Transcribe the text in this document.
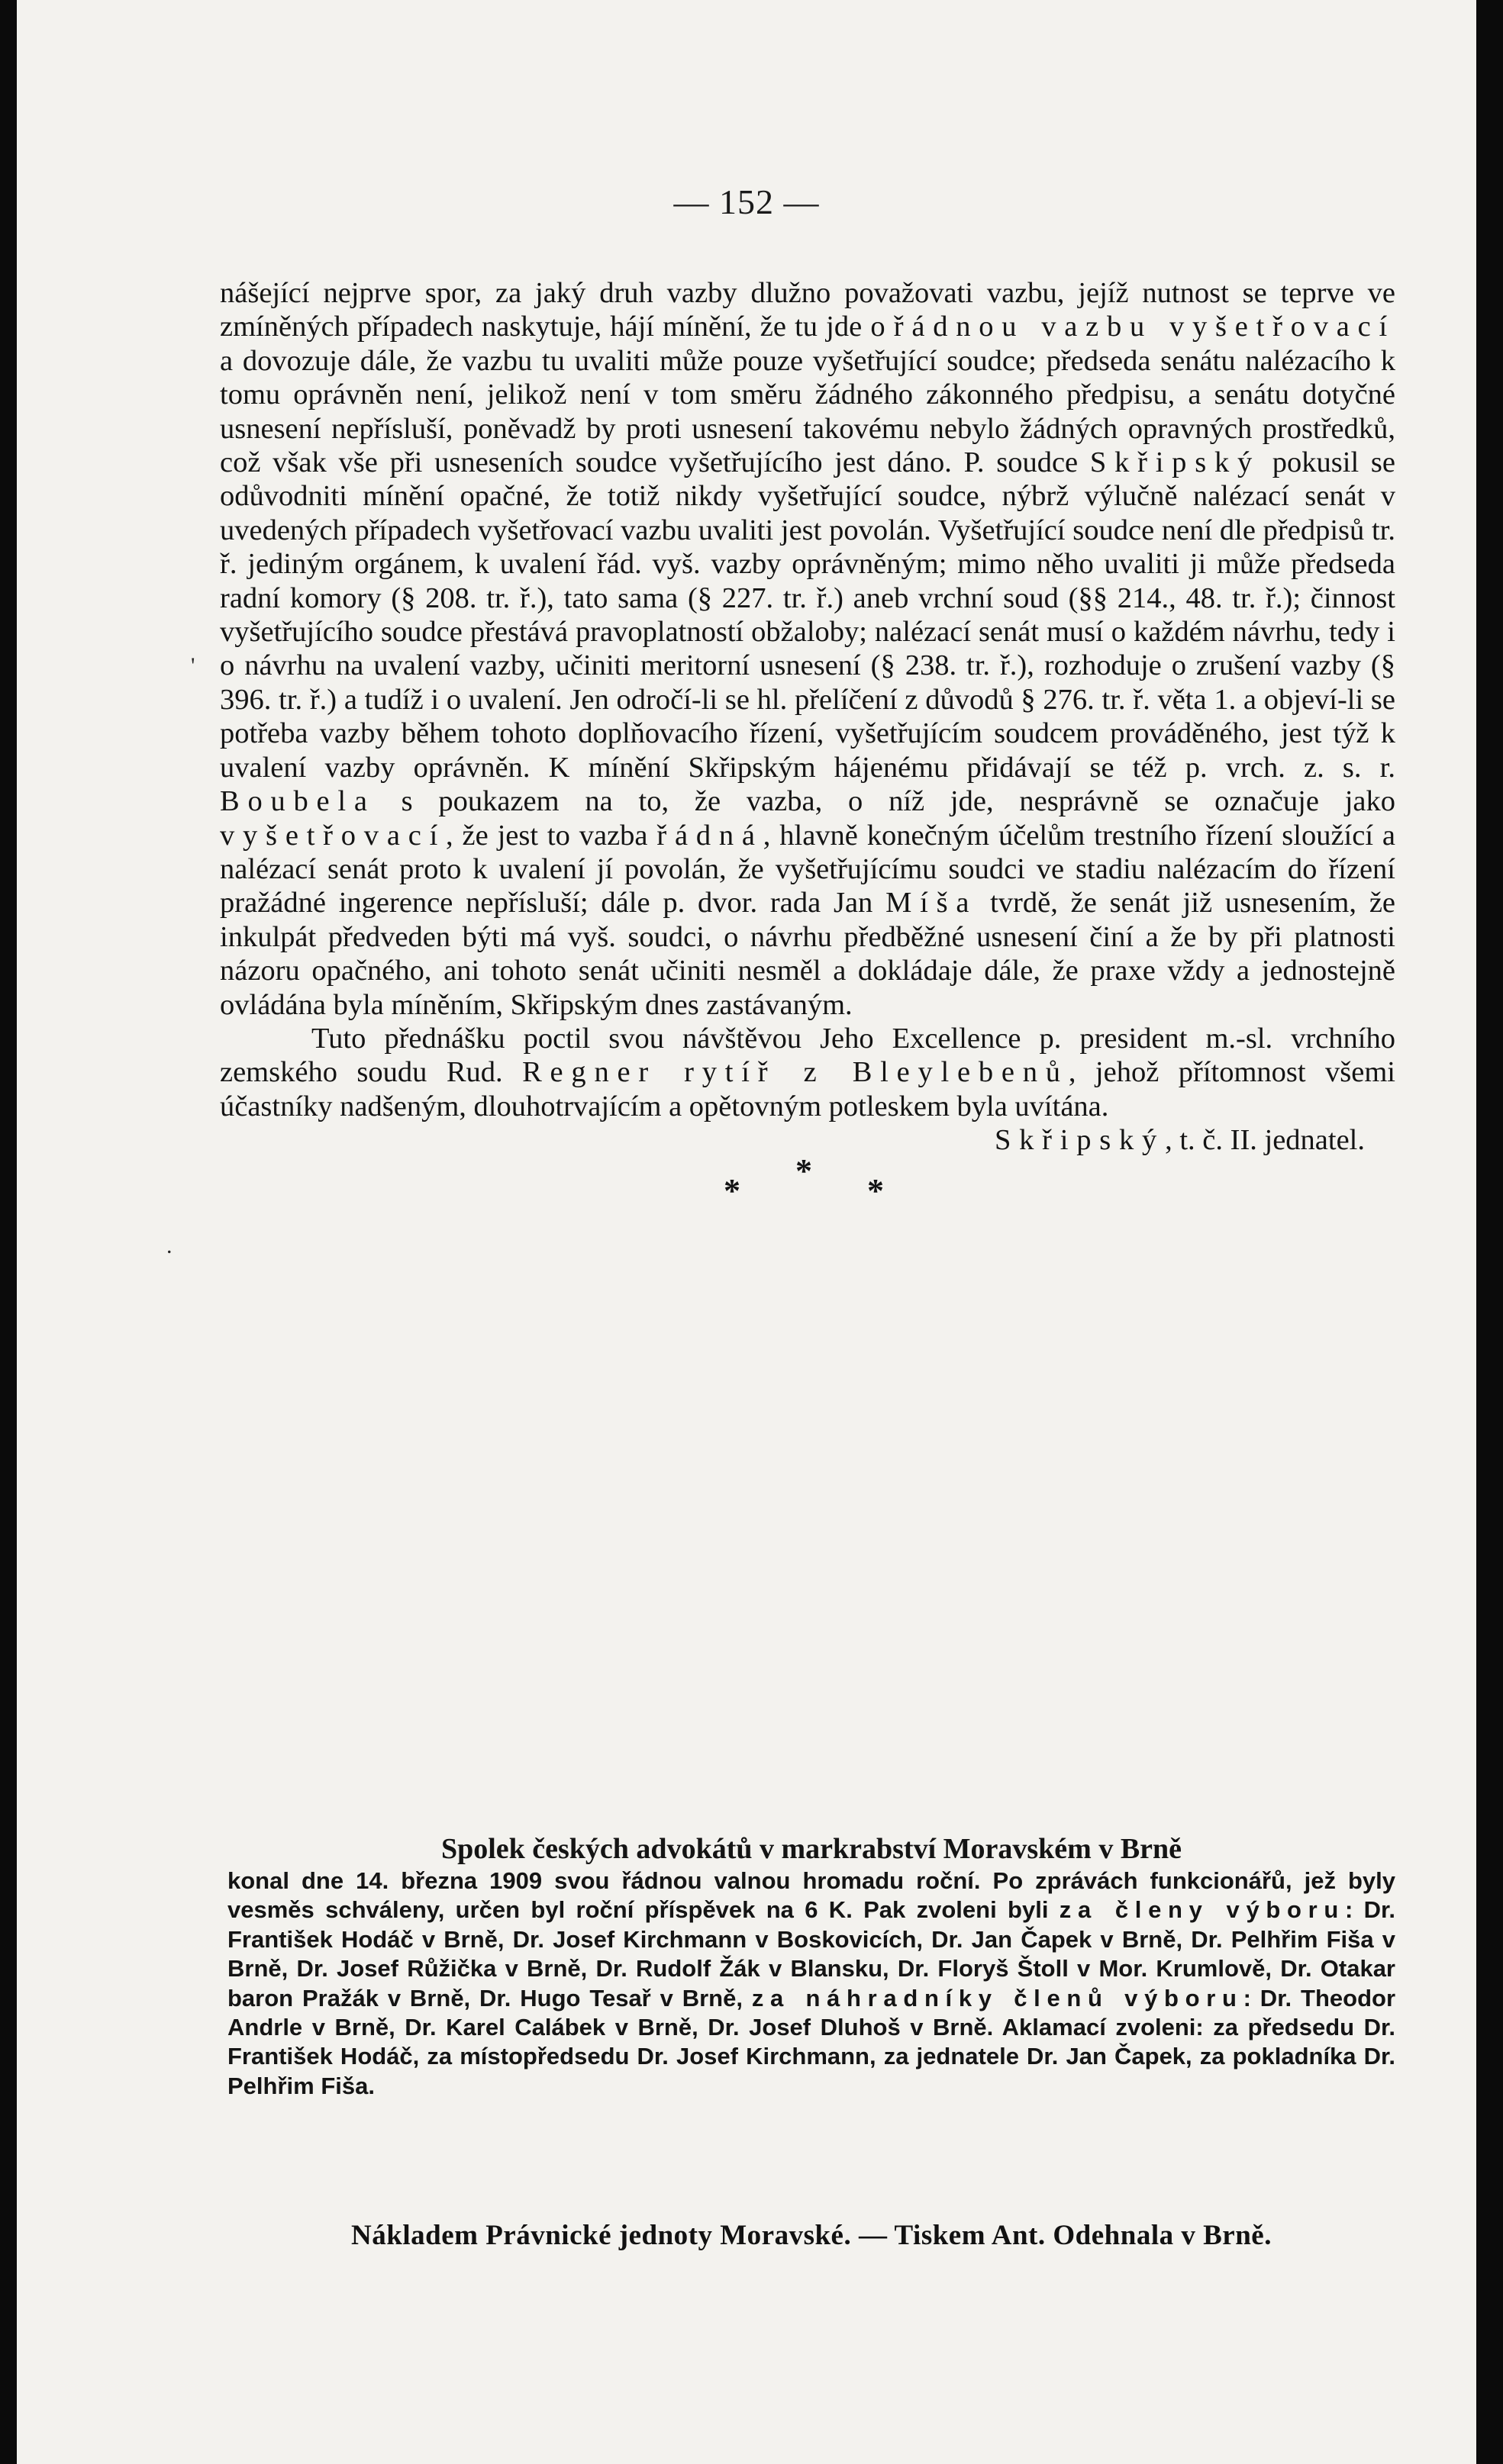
— 152 —
'
.

nášející nejprve spor, za jaký druh vazby dlužno považovati vazbu, jejíž nutnost se teprve ve zmíněných případech naskytuje, hájí mínění, že tu jde o řádnou vazbu vyšetřovací a dovozuje dále, že vazbu tu uvaliti může pouze vyšetřující soudce; předseda senátu nalézacího k tomu oprávněn není, jelikož není v tom směru žádného zákonného předpisu, a senátu dotyčné usnesení nepřísluší, poněvadž by proti usnesení takovému nebylo žádných opravných prostředků, což však vše při usneseních soudce vyšetřujícího jest dáno. P. soudce Skřipský pokusil se odůvodniti mínění opačné, že totiž nikdy vyšetřující soudce, nýbrž výlučně nalézací senát v uvedených případech vyšetřovací vazbu uvaliti jest povolán. Vyšetřující soudce není dle předpisů tr. ř. jediným orgánem, k uvalení řád. vyš. vazby oprávněným; mimo něho uvaliti ji může předseda radní komory (§ 208. tr. ř.), tato sama (§ 227. tr. ř.) aneb vrchní soud (§§ 214., 48. tr. ř.); činnost vyšetřujícího soudce přestává pravoplatností obžaloby; nalézací senát musí o každém návrhu, tedy i o návrhu na uvalení vazby, učiniti meritorní usnesení (§ 238. tr. ř.), rozhoduje o zrušení vazby (§ 396. tr. ř.) a tudíž i o uvalení. Jen odročí-li se hl. přelíčení z důvodů § 276. tr. ř. věta 1. a objeví-li se potřeba vazby během tohoto doplňovacího řízení, vyšetřujícím soudcem prováděného, jest týž k uvalení vazby oprávněn. K mínění Skřipským hájenému přidávají se též p. vrch. z. s. r. Boubela s poukazem na to, že vazba, o níž jde, nesprávně se označuje jako vyšetřovací, že jest to vazba řádná, hlavně konečným účelům trestního řízení sloužící a nalézací senát proto k uvalení jí povolán, že vyšetřujícímu soudci ve stadiu nalézacím do řízení pražádné ingerence nepřísluší; dále p. dvor. rada Jan Míša tvrdě, že senát již usnesením, že inkulpát předveden býti má vyš. soudci, o návrhu předběžné usnesení činí a že by při platnosti názoru opačného, ani tohoto senát učiniti nesměl a dokládaje dále, že praxe vždy a jednostejně ovládána byla míněním, Skřipským dnes zastávaným.

Tuto přednášku poctil svou návštěvou Jeho Excellence p. president m.-sl. vrchního zemského soudu Rud. Regner rytíř z Bleylebenů, jehož přítomnost všemi účastníky nadšeným, dlouhotrvajícím a opětovným potleskem byla uvítána.

Skřipský, t. č. II. jednatel.

*
*
*
Spolek českých advokátů v markrabství Moravském v Brně
konal dne 14. března 1909 svou řádnou valnou hromadu roční. Po zprávách funkcionářů, jež byly vesměs schváleny, určen byl roční příspěvek na 6 K. Pak zvoleni byli za členy výboru: Dr. František Hodáč v Brně, Dr. Josef Kirchmann v Boskovicích, Dr. Jan Čapek v Brně, Dr. Pelhřim Fiša v Brně, Dr. Josef Růžička v Brně, Dr. Rudolf Žák v Blansku, Dr. Floryš Štoll v Mor. Krumlově, Dr. Otakar baron Pražák v Brně, Dr. Hugo Tesař v Brně, za náhradníky členů výboru: Dr. Theodor Andrle v Brně, Dr. Karel Calábek v Brně, Dr. Josef Dluhoš v Brně. Aklamací zvoleni: za předsedu Dr. František Hodáč, za místopředsedu Dr. Josef Kirchmann, za jednatele Dr. Jan Čapek, za pokladníka Dr. Pelhřim Fiša.
Nákladem Právnické jednoty Moravské. — Tiskem Ant. Odehnala v Brně.
